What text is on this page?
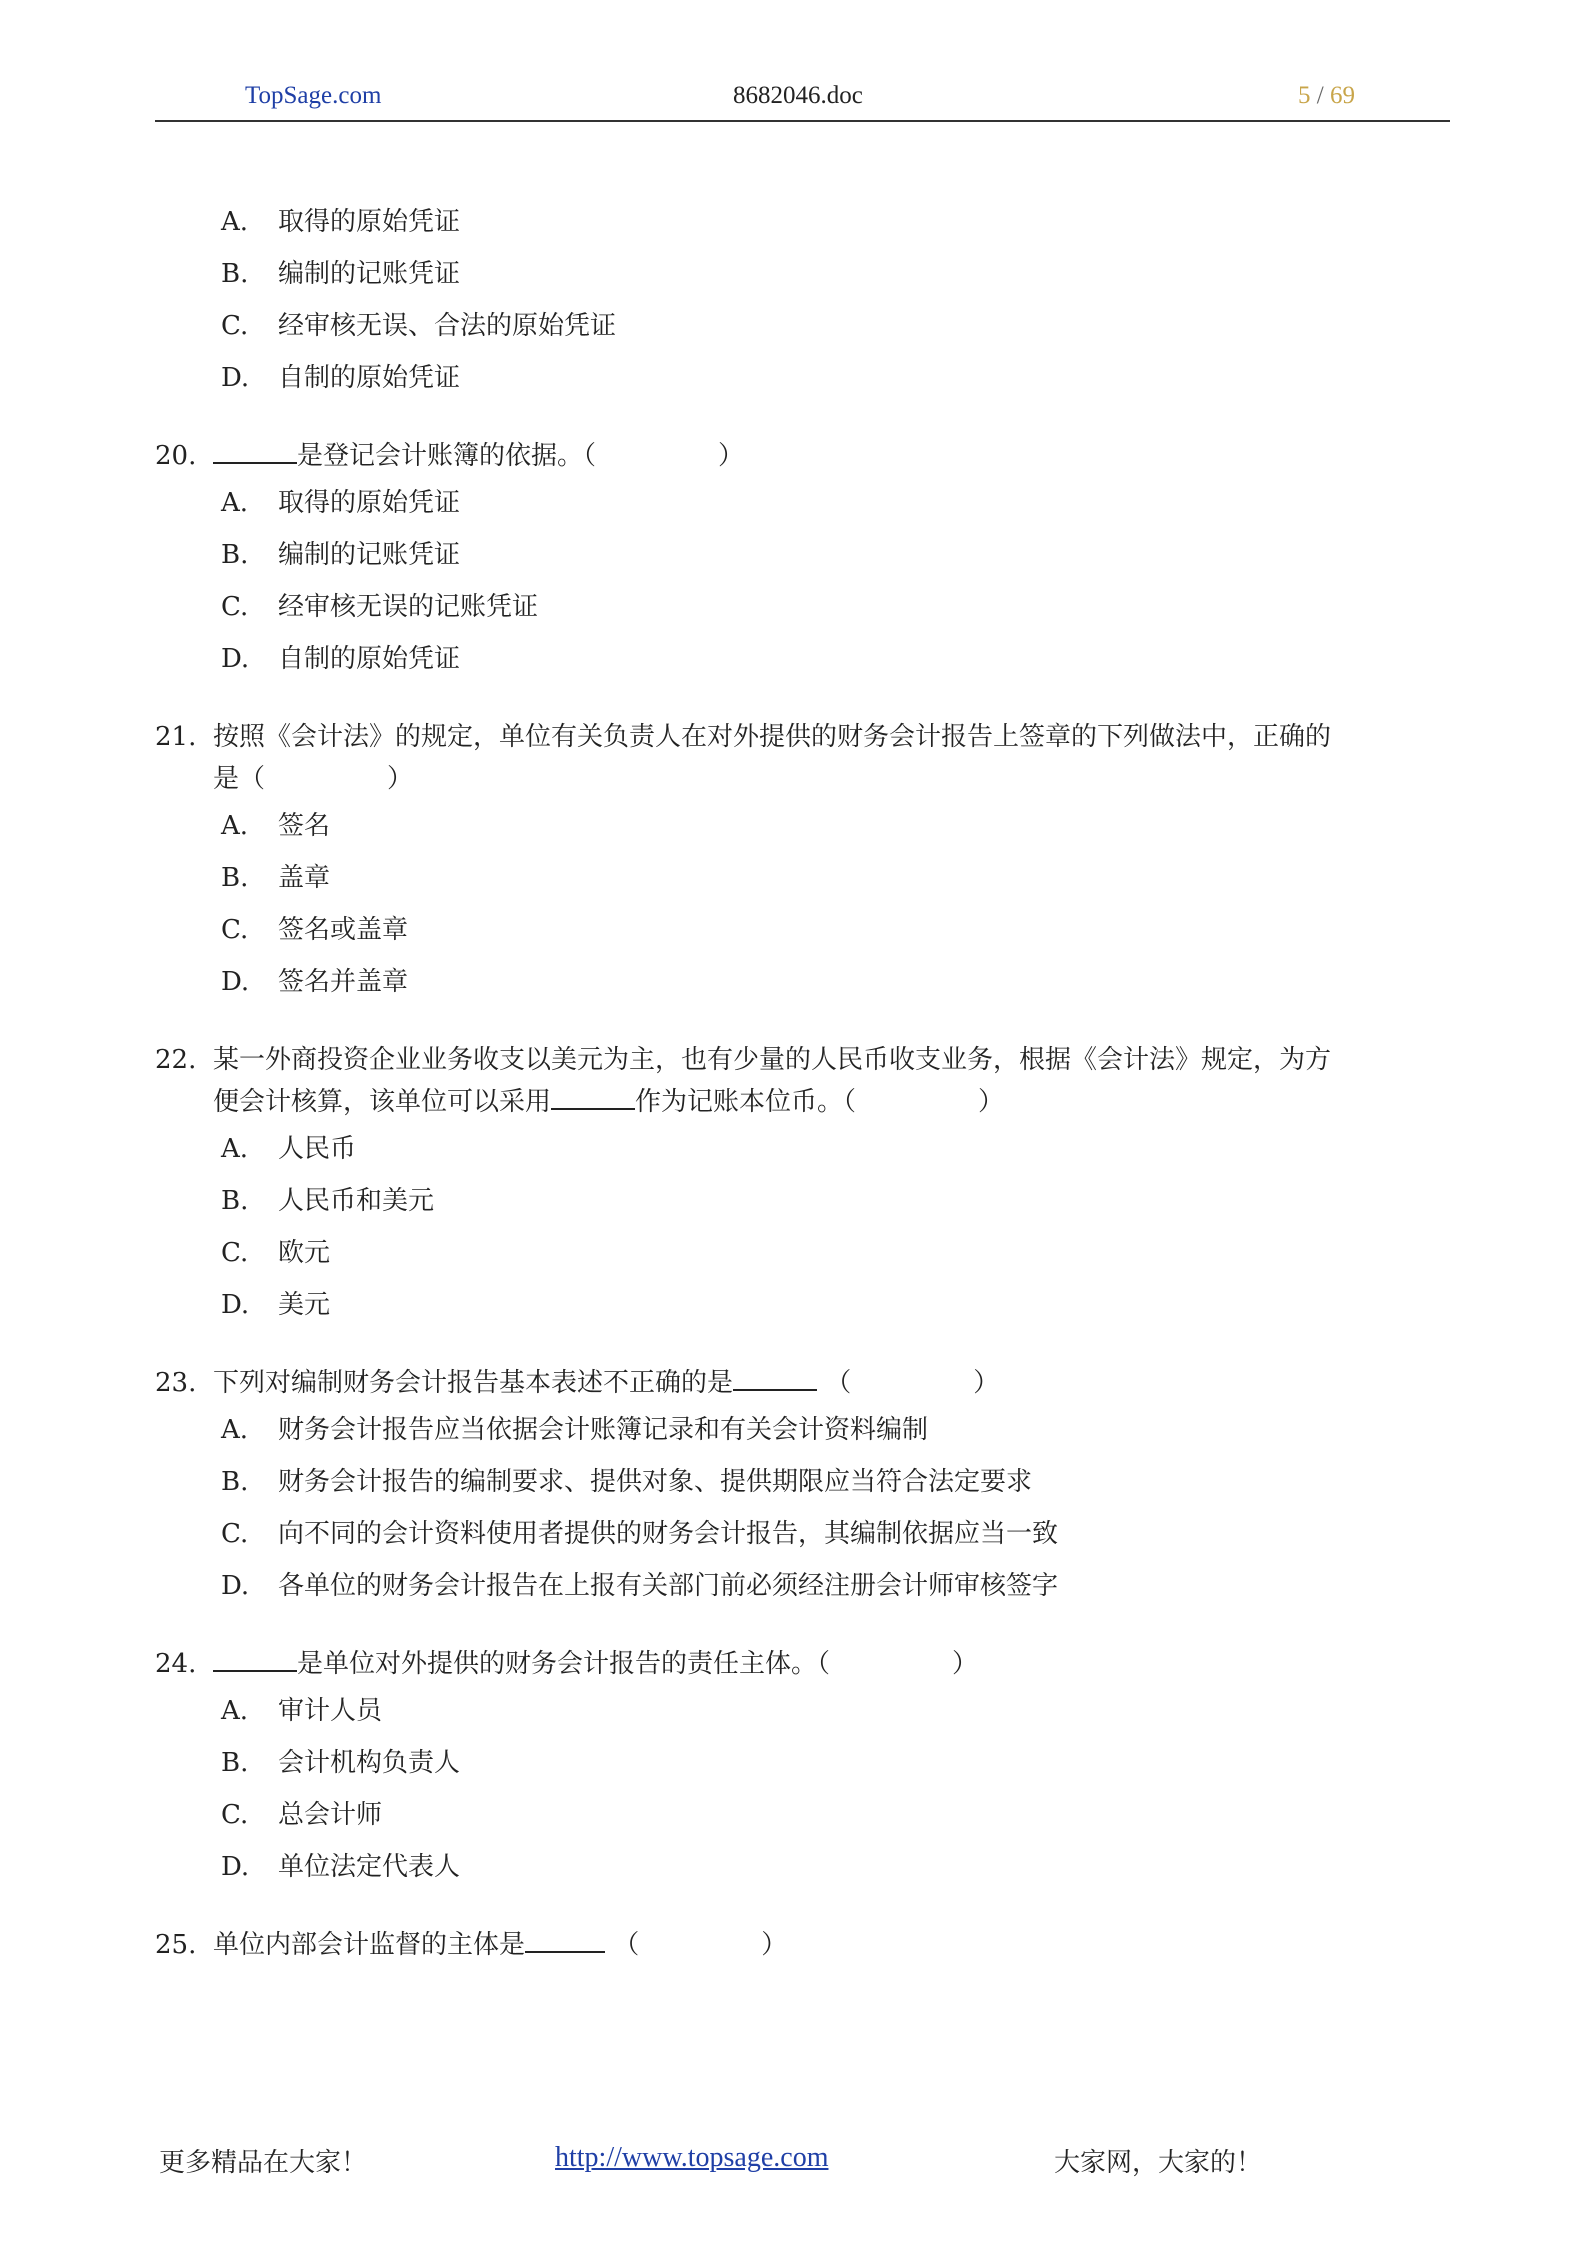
TopSage.com	8682046.doc	5 / 69
A.	取得的原始凭证
B.	编制的记账凭证
C.	经审核无误、合法的原始凭证
D.	自制的原始凭证
20.	是登记会计账簿的依据。（	）
A.	取得的原始凭证
B.	编制的记账凭证
C.	经审核无误的记账凭证
D.	自制的原始凭证
21. 按照《会计法》的规定，单位有关负责人在对外提供的财务会计报告上签章的下列做法中，正确的
是（	）
A.	签名
B.	盖章
C.	签名或盖章
D.	签名并盖章
22. 某一外商投资企业业务收支以美元为主，也有少量的人民币收支业务，根据《会计法》规定，为方
便会计核算，该单位可以采用	作为记账本位币。（	）
A.	人民币
B.	人民币和美元
C.	欧元
D.	美元
23. 下列对编制财务会计报告基本表述不正确的是	（	）
A.	财务会计报告应当依据会计账簿记录和有关会计资料编制
B.	财务会计报告的编制要求、提供对象、提供期限应当符合法定要求
C.	向不同的会计资料使用者提供的财务会计报告，其编制依据应当一致
D.	各单位的财务会计报告在上报有关部门前必须经注册会计师审核签字
24.	是单位对外提供的财务会计报告的责任主体。（	）
A.	审计人员
B.	会计机构负责人
C.	总会计师
D.	单位法定代表人
25. 单位内部会计监督的主体是	（	）
更多精品在大家！	http://www.topsage.com	大家网，大家的！
